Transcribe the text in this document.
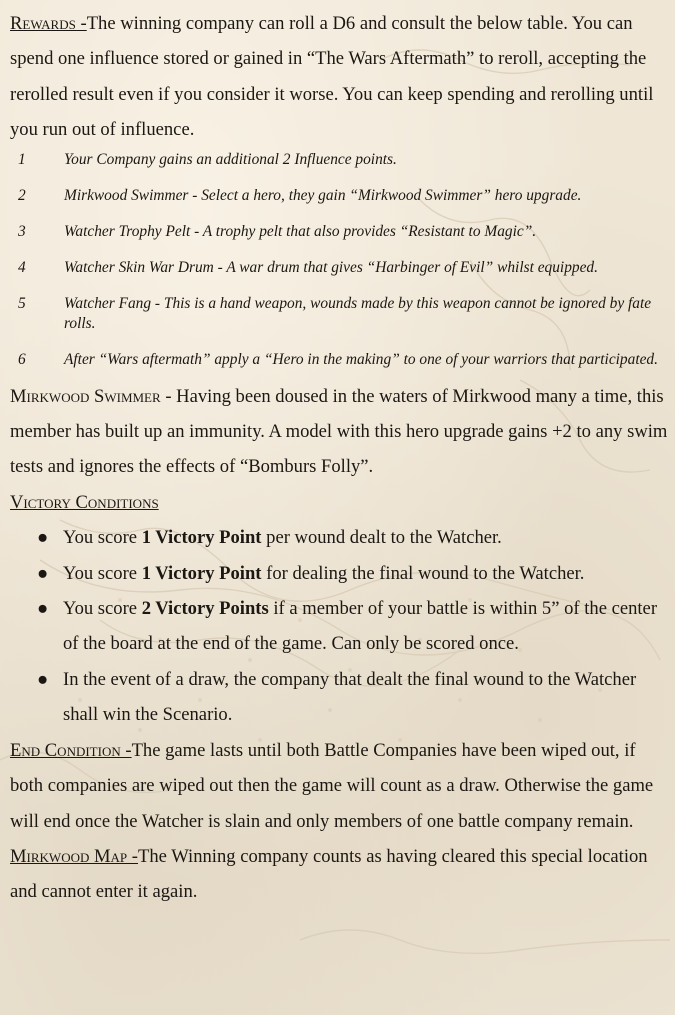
Rewards -The winning company can roll a D6 and consult the below table. You can spend one influence stored or gained in “The Wars Aftermath” to reroll, accepting the rerolled result even if you consider it worse. You can keep spending and rerolling until you run out of influence.

1	Your Company gains an additional 2 Influence points.
2	Mirkwood Swimmer - Select a hero, they gain “Mirkwood Swimmer” hero upgrade.
3	Watcher Trophy Pelt - A trophy pelt that also provides “Resistant to Magic”.
4	Watcher Skin War Drum - A war drum that gives “Harbinger of Evil” whilst equipped.
5	Watcher Fang - This is a hand weapon, wounds made by this weapon cannot be ignored by fate rolls.
6	After “Wars aftermath” apply a “Hero in the making” to one of your warriors that participated.

Mirkwood Swimmer - Having been doused in the waters of Mirkwood many a time, this member has built up an immunity. A model with this hero upgrade gains +2 to any swim tests and ignores the effects of “Bomburs Folly”.

Victory Conditions

● You score 1 Victory Point per wound dealt to the Watcher.
● You score 1 Victory Point for dealing the final wound to the Watcher.
● You score 2 Victory Points if a member of your battle is within 5” of the center of the board at the end of the game. Can only be scored once.
● In the event of a draw, the company that dealt the final wound to the Watcher shall win the Scenario.

End Condition -The game lasts until both Battle Companies have been wiped out, if both companies are wiped out then the game will count as a draw. Otherwise the game will end once the Watcher is slain and only members of one battle company remain.

Mirkwood Map -The Winning company counts as having cleared this special location and cannot enter it again.
